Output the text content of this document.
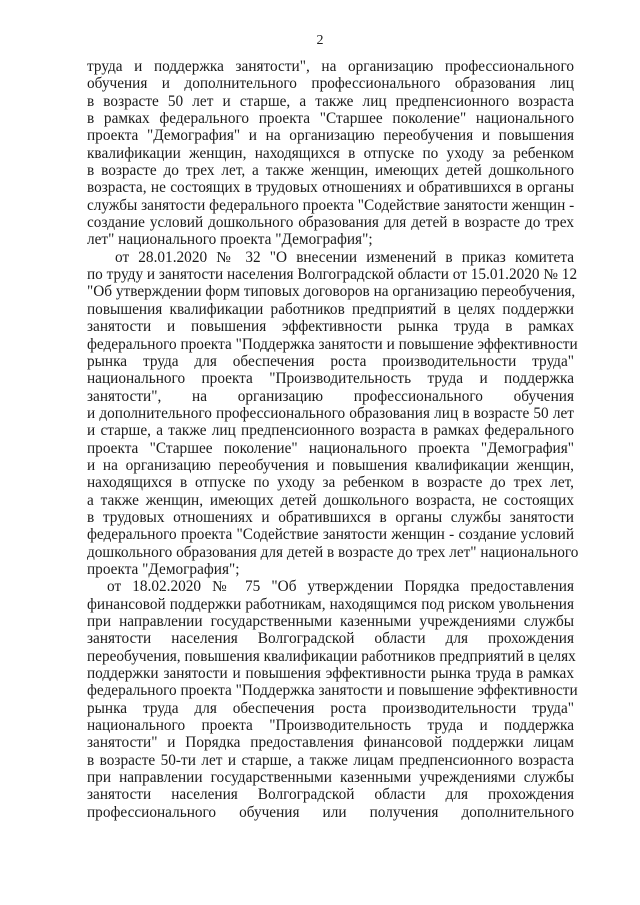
2
труда и поддержка занятости", на организацию профессионального
обучения и дополнительного профессионального образования лиц
в возрасте 50 лет и старше, а также лиц предпенсионного возраста
в рамках федерального проекта "Старшее поколение" национального
проекта "Демография" и на организацию переобучения и повышения
квалификации женщин, находящихся в отпуске по уходу за ребенком
в возрасте до трех лет, а также женщин, имеющих детей дошкольного
возраста, не состоящих в трудовых отношениях и обратившихся в органы
службы занятости федерального проекта "Содействие занятости женщин -
создание условий дошкольного образования для детей в возрасте до трех
лет" национального проекта "Демография";
от 28.01.2020 № 32 "О внесении изменений в приказ комитета
по труду и занятости населения Волгоградской области от 15.01.2020 № 12
"Об утверждении форм типовых договоров на организацию переобучения,
повышения квалификации работников предприятий в целях поддержки
занятости и повышения эффективности рынка труда в рамках
федерального проекта "Поддержка занятости и повышение эффективности
рынка труда для обеспечения роста производительности труда"
национального проекта "Производительность труда и поддержка
занятости", на организацию профессионального обучения
и дополнительного профессионального образования лиц в возрасте 50 лет
и старше, а также лиц предпенсионного возраста в рамках федерального
проекта "Старшее поколение" национального проекта "Демография"
и на организацию переобучения и повышения квалификации женщин,
находящихся в отпуске по уходу за ребенком в возрасте до трех лет,
а также женщин, имеющих детей дошкольного возраста, не состоящих
в трудовых отношениях и обратившихся в органы службы занятости
федерального проекта "Содействие занятости женщин - создание условий
дошкольного образования для детей в возрасте до трех лет" национального
проекта "Демография";
от 18.02.2020 № 75 "Об утверждении Порядка предоставления
финансовой поддержки работникам, находящимся под риском увольнения
при направлении государственными казенными учреждениями службы
занятости населения Волгоградской области для прохождения
переобучения, повышения квалификации работников предприятий в целях
поддержки занятости и повышения эффективности рынка труда в рамках
федерального проекта "Поддержка занятости и повышение эффективности
рынка труда для обеспечения роста производительности труда"
национального проекта "Производительность труда и поддержка
занятости" и Порядка предоставления финансовой поддержки лицам
в возрасте 50-ти лет и старше, а также лицам предпенсионного возраста
при направлении государственными казенными учреждениями службы
занятости населения Волгоградской области для прохождения
профессионального обучения или получения дополнительного
